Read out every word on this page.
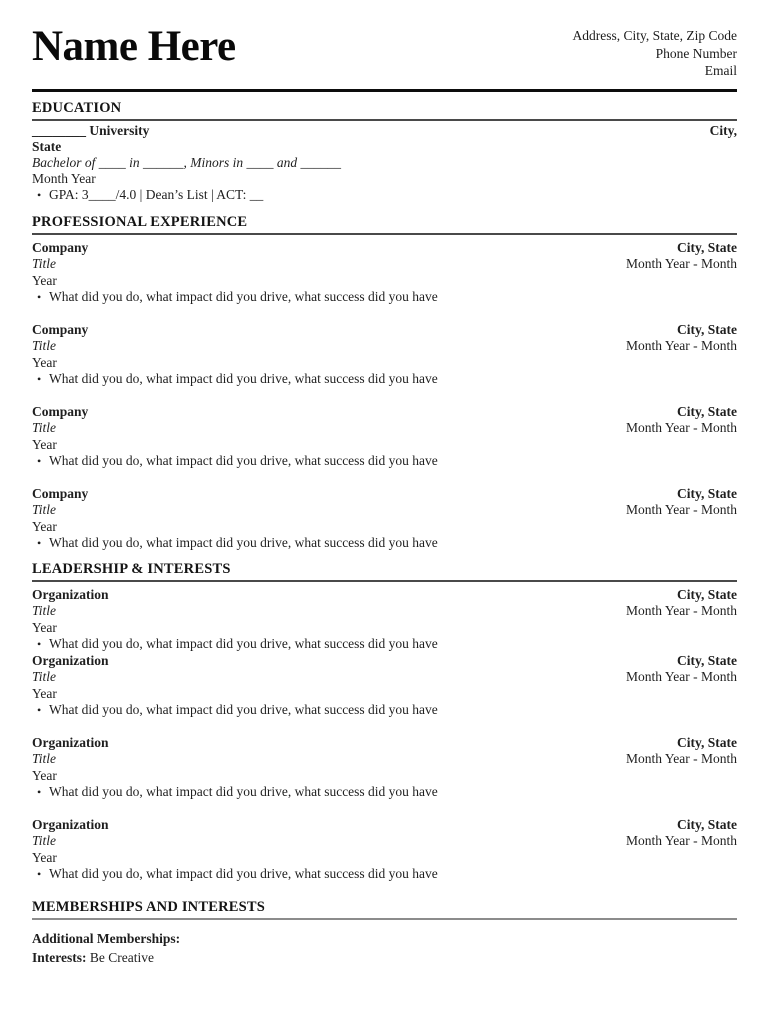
Name Here	Address, City, State, Zip Code
Phone Number
Email
EDUCATION
________ University	City,
State
Bachelor of ____ in ______, Minors in ____ and ______
Month Year
• GPA: 3____/4.0 | Dean’s List | ACT: __
PROFESSIONAL EXPERIENCE
Company	City, State
Title	Month Year - Month
Year
• What did you do, what impact did you drive, what success did you have
Company	City, State
Title	Month Year - Month
Year
• What did you do, what impact did you drive, what success did you have
Company	City, State
Title	Month Year - Month
Year
• What did you do, what impact did you drive, what success did you have
Company	City, State
Title	Month Year - Month
Year
• What did you do, what impact did you drive, what success did you have
LEADERSHIP & INTERESTS
Organization	City, State
Title	Month Year - Month
Year
• What did you do, what impact did you drive, what success did you have
Organization	City, State
Title	Month Year - Month
Year
• What did you do, what impact did you drive, what success did you have
Organization	City, State
Title	Month Year - Month
Year
• What did you do, what impact did you drive, what success did you have
Organization	City, State
Title	Month Year - Month
Year
• What did you do, what impact did you drive, what success did you have
MEMBERSHIPS AND INTERESTS
Additional Memberships:
Interests: Be Creative
